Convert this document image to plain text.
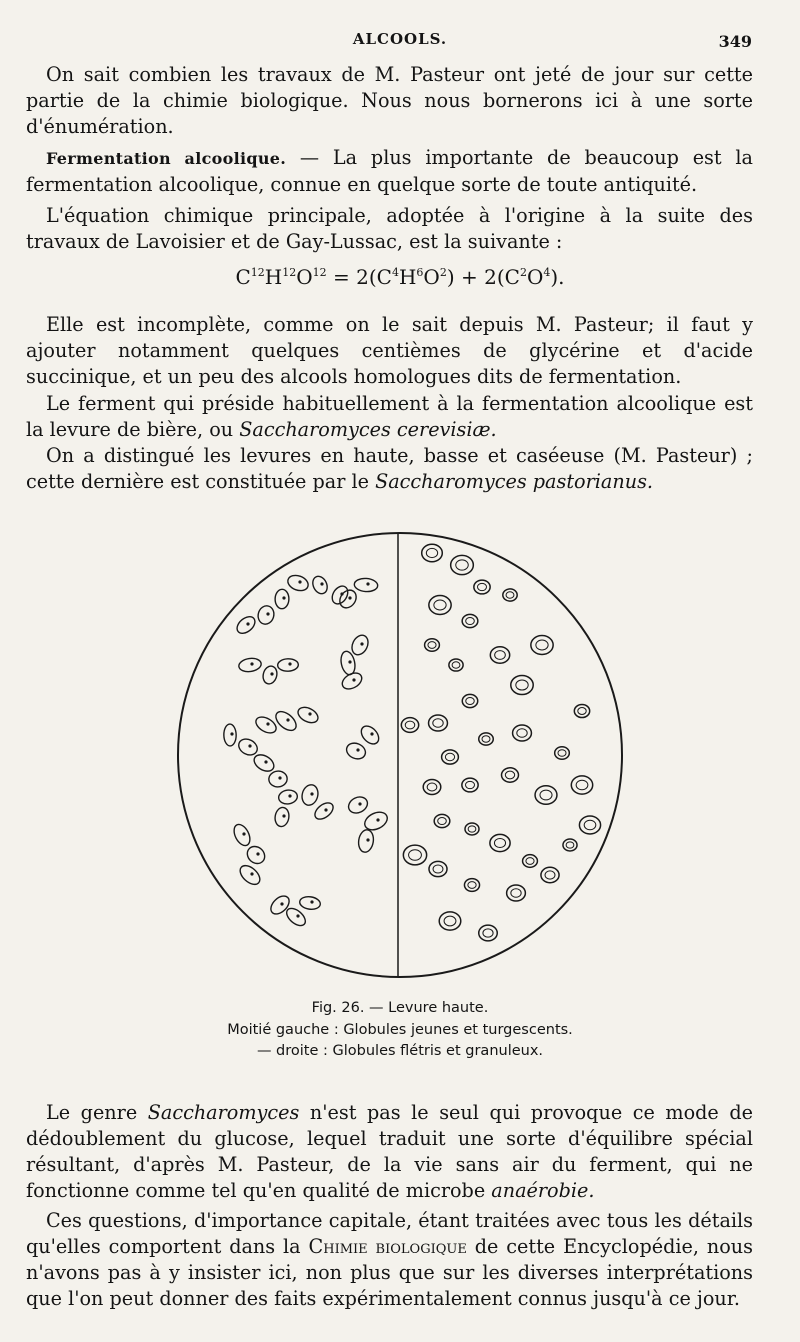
ALCOOLS.	349
On sait combien les travaux de M. Pasteur ont jeté de jour sur cette partie de la chimie biologique. Nous nous bornerons ici à une sorte d'énumération.
Fermentation alcoolique. — La plus importante de beaucoup est la fermentation alcoolique, connue en quelque sorte de toute antiquité.
L'équation chimique principale, adoptée à l'origine à la suite des travaux de Lavoisier et de Gay-Lussac, est la suivante :
$C^{12}H^{12}O^{12} = 2(C^4H^6O^2) + 2(C^2O^4)$.
Elle est incomplète, comme on le sait depuis M. Pasteur; il faut y ajouter notamment quelques centièmes de glycérine et d'acide succinique, et un peu des alcools homologues dits de fermentation.
Le ferment qui préside habituellement à la fermentation alcoolique est la levure de bière, ou Saccharomyces cerevisiæ.
On a distingué les levures en haute, basse et caséeuse (M. Pasteur) ; cette dernière est constituée par le Saccharomyces pastorianus.
Fig. 26. — Levure haute.
Moitié gauche : Globules jeunes et turgescents.
— droite : Globules flétris et granuleux.
Le genre Saccharomyces n'est pas le seul qui provoque ce mode de dédoublement du glucose, lequel traduit une sorte d'équilibre spécial résultant, d'après M. Pasteur, de la vie sans air du ferment, qui ne fonctionne comme tel qu'en qualité de microbe anaérobie.
Ces questions, d'importance capitale, étant traitées avec tous les détails qu'elles comportent dans la Chimie biologique de cette Encyclopédie, nous n'avons pas à y insister ici, non plus que sur les diverses interprétations que l'on peut donner des faits expérimentalement connus jusqu'à ce jour.
